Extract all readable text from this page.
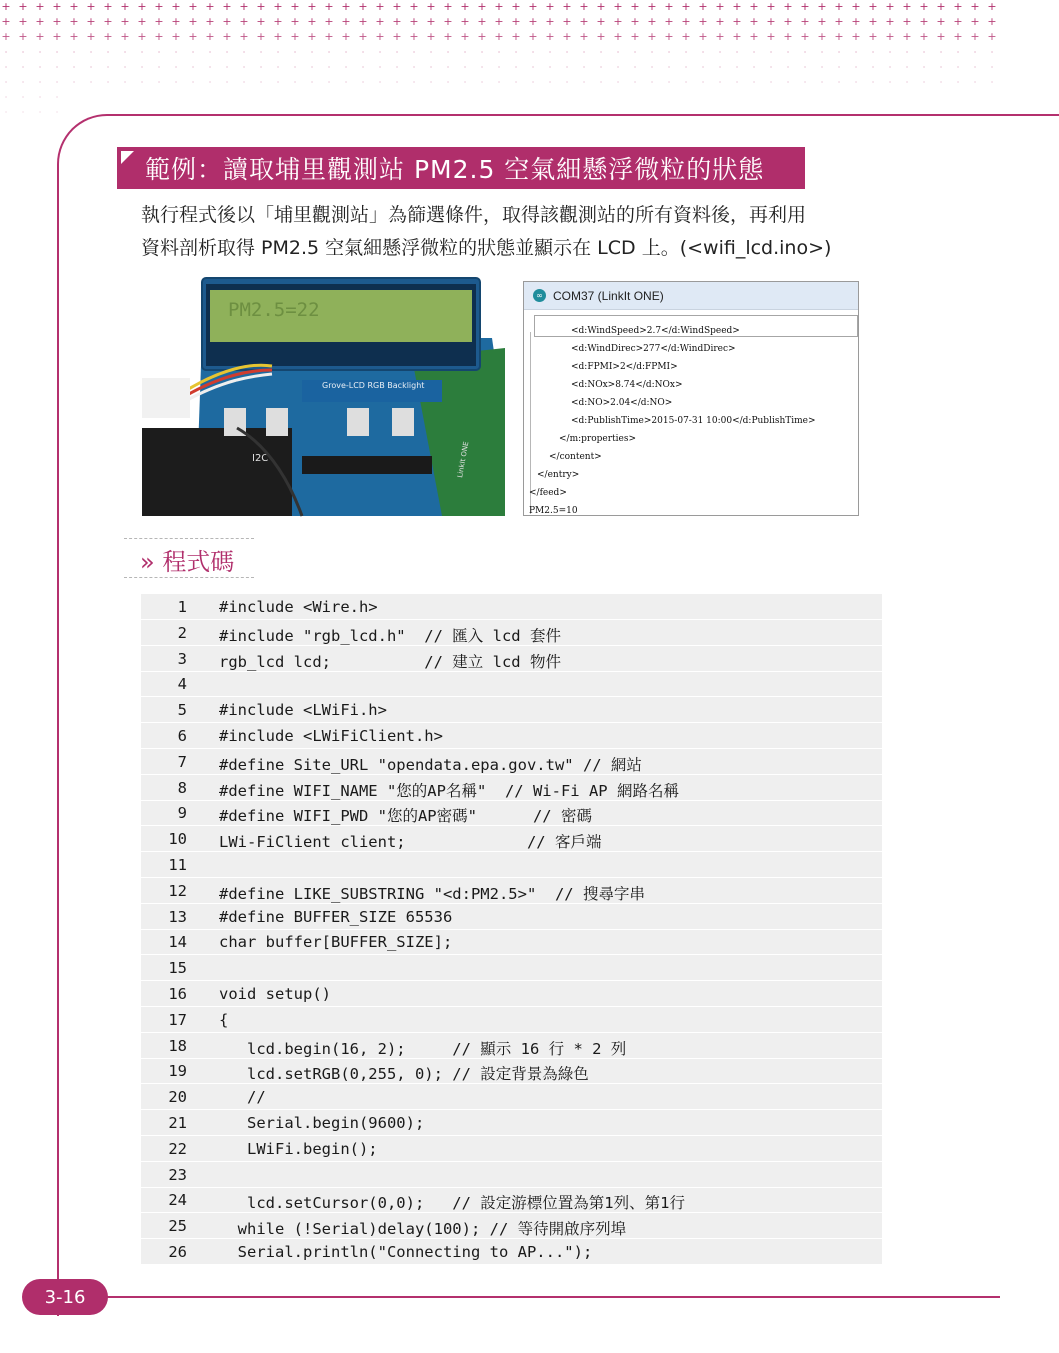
+ + + + + + + + + + + + + + + + + + + + + + + + + + + + + + + + + + + + + + + + + + + + + + + + + + + + + + + + + + +
+ + + + + + + + + + + + + + + + + + + + + + + + + + + + + + + + + + + + + + + + + + + + + + + + + + + + + + + + + + +
+ + + + + + + + + + + + + + + + + + + + + + + + + + + + + + + + + + + + + + + + + + + + + + + + + + + + + + + + + + +
· · · · · · · · · · · · · · · · · · · · · · · · · · · · · · · · · · · · · · · · · · · · · · · · · · · · · · · · · · ·
· · · · · · · · · · · · · · · · · · · · · · · · · · · · · · · · · · · · · · · · · · · · · · · · · · · · · · · · · · ·
· · · · · · · · · · · · · · · · · · · · · · · · · · · · · · · · · · · · · · · · · · · · · · · · · · · · · · · · · · ·
· · · ·
· · · ·
範例：讀取埔里觀測站 PM2.5 空氣細懸浮微粒的狀態
執行程式後以「埔里觀測站」為篩選條件，取得該觀測站的所有資料後，再利用
資料剖析取得 PM2.5 空氣細懸浮微粒的狀態並顯示在 LCD 上。(<wifi_lcd.ino>)
PM2.5=22
Grove-LCD RGB Backlight
I2C	LinkIt ONE
∞ COM37 (LinkIt ONE)
<d:WindSpeed>2.7</d:WindSpeed>
<d:WindDirec>277</d:WindDirec>
<d:FPMI>2</d:FPMI>
<d:NOx>8.74</d:NOx>
<d:NO>2.04</d:NO>
<d:PublishTime>2015-07-31 10:00</d:PublishTime>
</m:properties>
</content>
</entry>
</feed>
PM2.5=10
» 程式碼
1 #include <Wire.h>
2 #include "rgb_lcd.h"  // 匯入 lcd 套件
3 rgb_lcd lcd;          // 建立 lcd 物件
4
5 #include <LWiFi.h>
6 #include <LWiFiClient.h>
7 #define Site_URL "opendata.epa.gov.tw" // 網站
8 #define WIFI_NAME "您的AP名稱"  // Wi-Fi AP 網路名稱
9 #define WIFI_PWD "您的AP密碼"      // 密碼
10 LWi-FiClient client;             // 客戶端
11
12 #define LIKE_SUBSTRING "<d:PM2.5>"  // 搜尋字串
13 #define BUFFER_SIZE 65536
14 char buffer[BUFFER_SIZE];
15
16 void setup()
17 {
18 lcd.begin(16, 2);     // 顯示 16 行 * 2 列
19 lcd.setRGB(0,255, 0); // 設定背景為綠色
20 //
21 Serial.begin(9600);
22 LWiFi.begin();
23
24 lcd.setCursor(0,0);   // 設定游標位置為第1列、第1行
25 while (!Serial)delay(100); // 等待開啟序列埠
26 Serial.println("Connecting to AP...");
3-16
